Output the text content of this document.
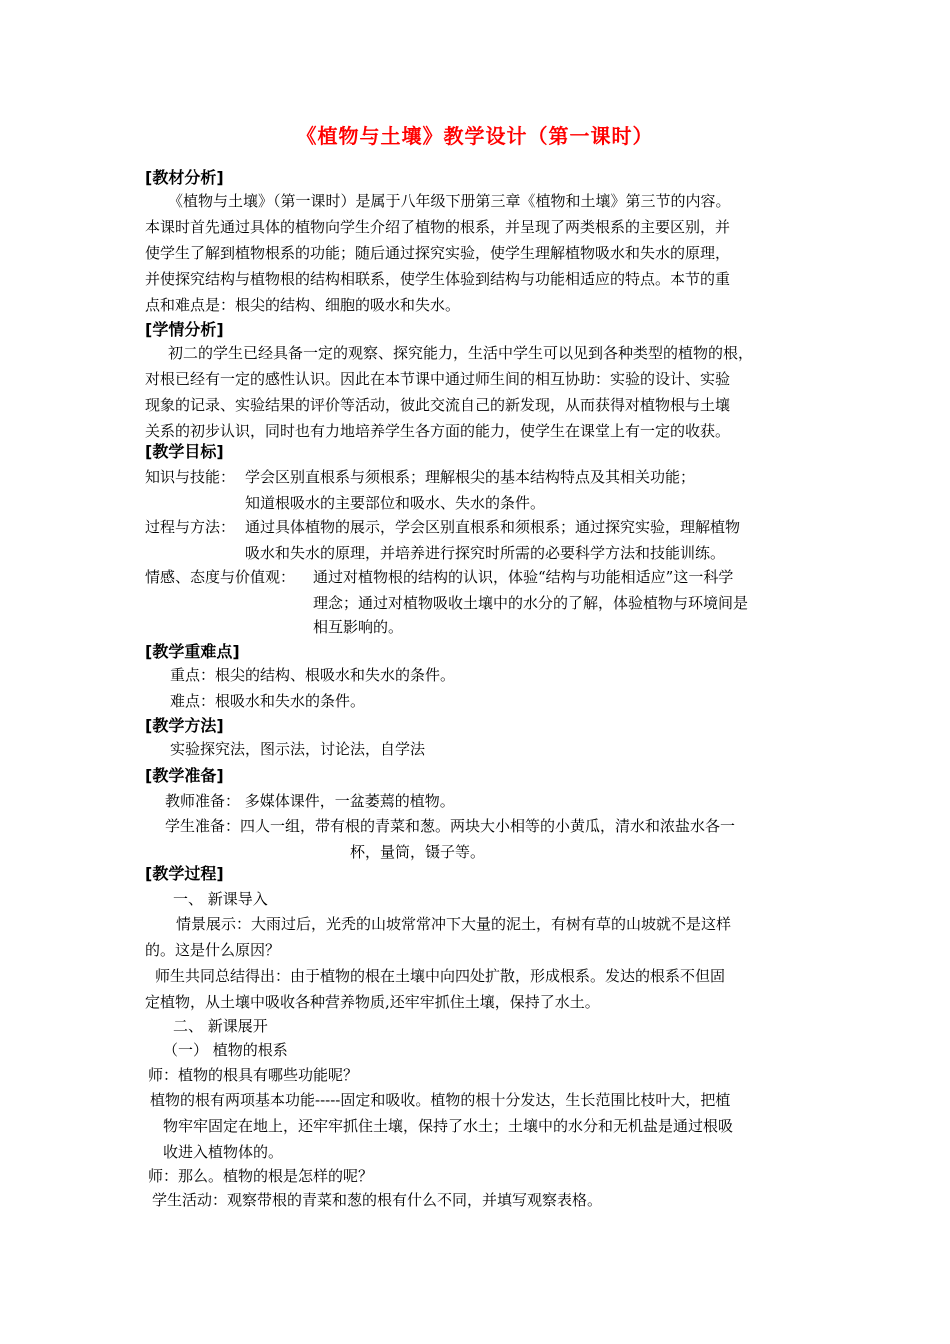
《植物与土壤》教学设计（第一课时）
[教材分析]
《植物与土壤》（第一课时）是属于八年级下册第三章《植物和土壤》第三节的内容。
本课时首先通过具体的植物向学生介绍了植物的根系，并呈现了两类根系的主要区别，并
使学生了解到植物根系的功能；随后通过探究实验，使学生理解植物吸水和失水的原理，
并使探究结构与植物根的结构相联系，使学生体验到结构与功能相适应的特点。本节的重
点和难点是：根尖的结构、细胞的吸水和失水。
[学情分析]
初二的学生已经具备一定的观察、探究能力，生活中学生可以见到各种类型的植物的根，
对根已经有一定的感性认识。因此在本节课中通过师生间的相互协助：实验的设计、实验
现象的记录、实验结果的评价等活动，彼此交流自己的新发现，从而获得对植物根与土壤
关系的初步认识，同时也有力地培养学生各方面的能力，使学生在课堂上有一定的收获。
[教学目标]
知识与技能： 学会区别直根系与须根系；理解根尖的基本结构特点及其相关功能；
知道根吸水的主要部位和吸水、失水的条件。
过程与方法： 通过具体植物的展示，学会区别直根系和须根系；通过探究实验，理解植物
吸水和失水的原理，并培养进行探究时所需的必要科学方法和技能训练。
情感、态度与价值观： 通过对植物根的结构的认识，体验“结构与功能相适应”这一科学
理念；通过对植物吸收土壤中的水分的了解，体验植物与环境间是
相互影响的。
[教学重难点]
重点：根尖的结构、根吸水和失水的条件。
难点：根吸水和失水的条件。
[教学方法]
实验探究法，图示法，讨论法，自学法
[教学准备]
教师准备： 多媒体课件，一盆萎蔫的植物。
学生准备：四人一组，带有根的青菜和葱。两块大小相等的小黄瓜，清水和浓盐水各一
杯，量筒，镊子等。
[教学过程]
一、 新课导入
情景展示：大雨过后，光秃的山坡常常冲下大量的泥土，有树有草的山坡就不是这样
的。这是什么原因？
师生共同总结得出：由于植物的根在土壤中向四处扩散，形成根系。发达的根系不但固
定植物，从土壤中吸收各种营养物质,还牢牢抓住土壤，保持了水土。
二、 新课展开
（一） 植物的根系
师：植物的根具有哪些功能呢？
植物的根有两项基本功能-----固定和吸收。植物的根十分发达，生长范围比枝叶大，把植
物牢牢固定在地上，还牢牢抓住土壤，保持了水土；土壤中的水分和无机盐是通过根吸
收进入植物体的。
师：那么。植物的根是怎样的呢？
学生活动：观察带根的青菜和葱的根有什么不同，并填写观察表格。
